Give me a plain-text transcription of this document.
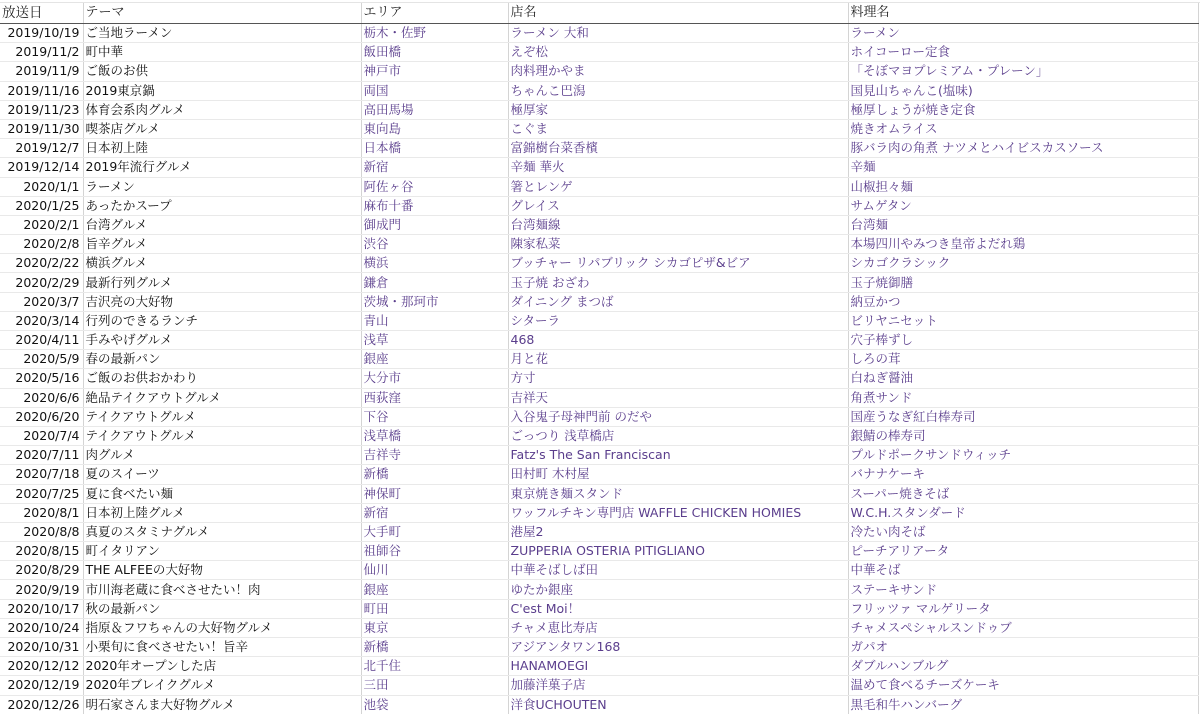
放送日	テーマ	エリア	店名	料理名
2019/10/19	ご当地ラーメン	栃木・佐野	ラーメン 大和	ラーメン
2019/11/2	町中華	飯田橋	えぞ松	ホイコーロー定食
2019/11/9	ご飯のお供	神戸市	肉料理かやま	「そぼマヨプレミアム・プレーン」
2019/11/16	2019東京鍋	両国	ちゃんこ巴潟	国見山ちゃんこ(塩味)
2019/11/23	体育会系肉グルメ	高田馬場	極厚家	極厚しょうが焼き定食
2019/11/30	喫茶店グルメ	東向島	こぐま	焼きオムライス
2019/12/7	日本初上陸	日本橋	富錦樹台菜香檳	豚バラ肉の角煮 ナツメとハイビスカスソース
2019/12/14	2019年流行グルメ	新宿	辛麺 華火	辛麺
2020/1/1	ラーメン	阿佐ヶ谷	箸とレンゲ	山椒担々麺
2020/1/25	あったかスープ	麻布十番	グレイス	サムゲタン
2020/2/1	台湾グルメ	御成門	台湾麺線	台湾麺
2020/2/8	旨辛グルメ	渋谷	陳家私菜	本場四川やみつき皇帝よだれ鶏
2020/2/22	横浜グルメ	横浜	ブッチャー リパブリック シカゴピザ&ビア	シカゴクラシック
2020/2/29	最新行列グルメ	鎌倉	玉子焼 おざわ	玉子焼御膳
2020/3/7	吉沢亮の大好物	茨城・那珂市	ダイニング まつば	納豆かつ
2020/3/14	行列のできるランチ	青山	シターラ	ビリヤニセット
2020/4/11	手みやげグルメ	浅草	468	穴子棒ずし
2020/5/9	春の最新パン	銀座	月と花	しろの茸
2020/5/16	ご飯のお供おかわり	大分市	方寸	白ねぎ醤油
2020/6/6	絶品テイクアウトグルメ	西荻窪	吉祥天	角煮サンド
2020/6/20	テイクアウトグルメ	下谷	入谷鬼子母神門前 のだや	国産うなぎ紅白棒寿司
2020/7/4	テイクアウトグルメ	浅草橋	ごっつり 浅草橋店	銀鯖の棒寿司
2020/7/11	肉グルメ	吉祥寺	Fatz's The San Franciscan	プルドポークサンドウィッチ
2020/7/18	夏のスイーツ	新橋	田村町 木村屋	バナナケーキ
2020/7/25	夏に食べたい麺	神保町	東京焼き麺スタンド	スーパー焼きそば
2020/8/1	日本初上陸グルメ	新宿	ワッフルチキン専門店 WAFFLE CHICKEN HOMIES	W.C.H.スタンダード
2020/8/8	真夏のスタミナグルメ	大手町	港屋2	冷たい肉そば
2020/8/15	町イタリアン	祖師谷	ZUPPERIA OSTERIA PITIGLIANO	ピーチアリアータ
2020/8/29	THE ALFEEの大好物	仙川	中華そばしば田	中華そば
2020/9/19	市川海老蔵に食べさせたい！肉	銀座	ゆたか銀座	ステーキサンド
2020/10/17	秋の最新パン	町田	C'est Moi！	フリッツァ マルゲリータ
2020/10/24	指原＆フワちゃんの大好物グルメ	東京	チャメ恵比寿店	チャメスペシャルスンドゥブ
2020/10/31	小栗旬に食べさせたい！旨辛	新橋	アジアンタワン168	ガパオ
2020/12/12	2020年オープンした店	北千住	HANAMOEGI	ダブルハンブルグ
2020/12/19	2020年ブレイクグルメ	三田	加藤洋菓子店	温めて食べるチーズケーキ
2020/12/26	明石家さんま大好物グルメ	池袋	洋食UCHOUTEN	黒毛和牛ハンバーグ
